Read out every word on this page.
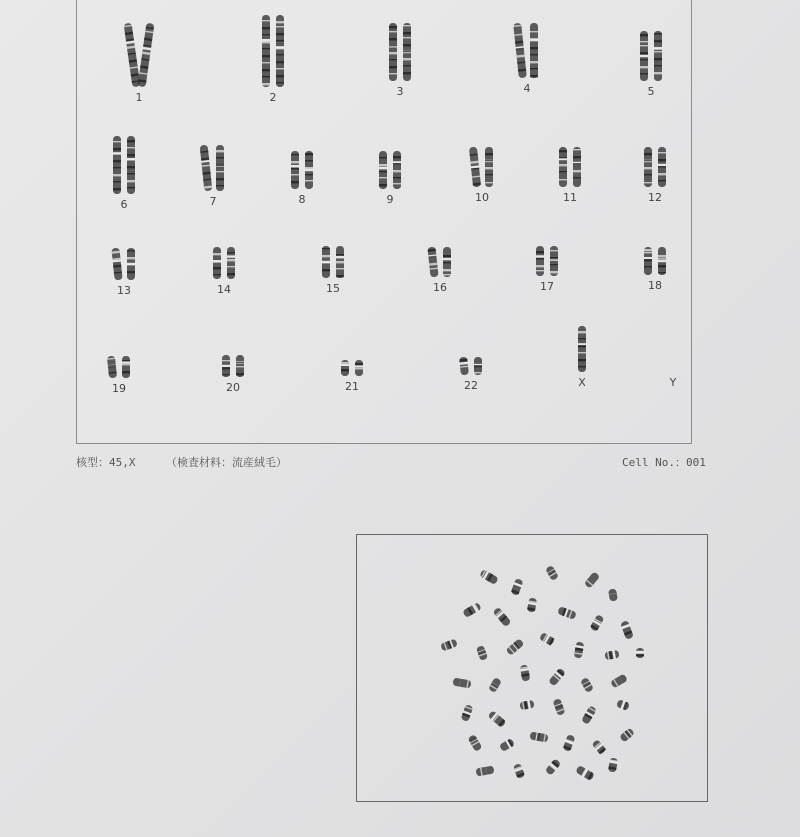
1	2	3	4	5
6	7	8	9	10	11	12
13	14	15	16	17	18
19	20	21	22	X	Y
核型：45,X	（検査材料：流産絨毛）	Cell No.：001
